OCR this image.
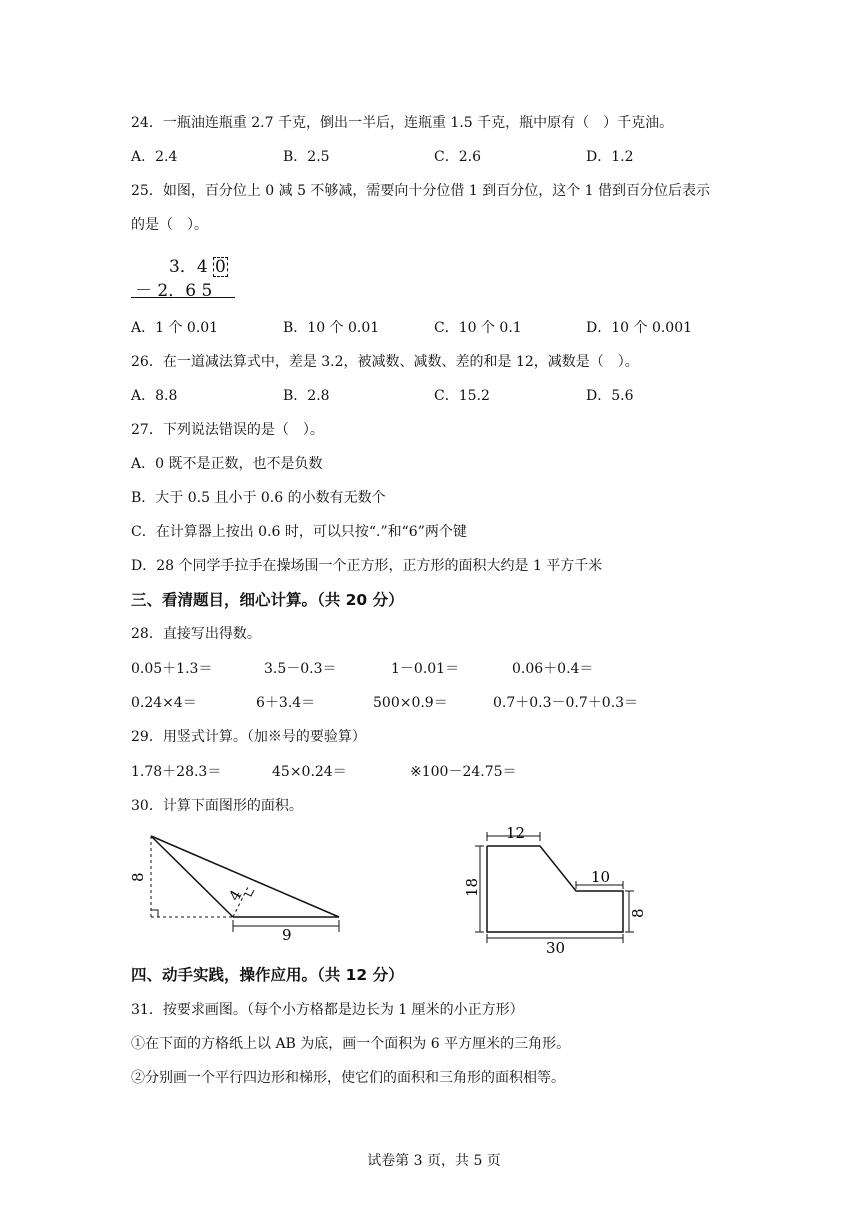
24．一瓶油连瓶重 2.7 千克，倒出一半后，连瓶重 1.5 千克，瓶中原有（　）千克油。
A．2.4	B．2.5	C．2.6	D．1.2
25．如图，百分位上 0 减 5 不够减，需要向十分位借 1 到百分位，这个 1 借到百分位后表示
的是（　）。
3．4 0
－ 2．6 5
A．1 个 0.01	B．10 个 0.01	C．10 个 0.1	D．10 个 0.001
26．在一道减法算式中，差是 3.2，被减数、减数、差的和是 12，减数是（　）。
A．8.8	B．2.8	C．15.2	D．5.6
27．下列说法错误的是（　）。
A．0 既不是正数，也不是负数
B．大于 0.5 且小于 0.6 的小数有无数个
C．在计算器上按出 0.6 时，可以只按“.”和“6”两个键
D．28 个同学手拉手在操场围一个正方形，正方形的面积大约是 1 平方千米
三、看清题目，细心计算。（共 20 分）
28．直接写出得数。
0.05＋1.3＝	3.5－0.3＝	1－0.01＝	0.06＋0.4＝
0.24×4＝	6＋3.4＝	500×0.9＝	0.7＋0.3－0.7＋0.3＝
29．用竖式计算。（加※号的要验算）
1.78＋28.3＝	45×0.24＝	※100－24.75＝
30．计算下面图形的面积。
8
4
9
12
18
10
8
30
四、动手实践，操作应用。（共 12 分）
31．按要求画图。（每个小方格都是边长为 1 厘米的小正方形）
①在下面的方格纸上以 AB 为底，画一个面积为 6 平方厘米的三角形。
②分别画一个平行四边形和梯形，使它们的面积和三角形的面积相等。
试卷第 3 页，共 5 页
